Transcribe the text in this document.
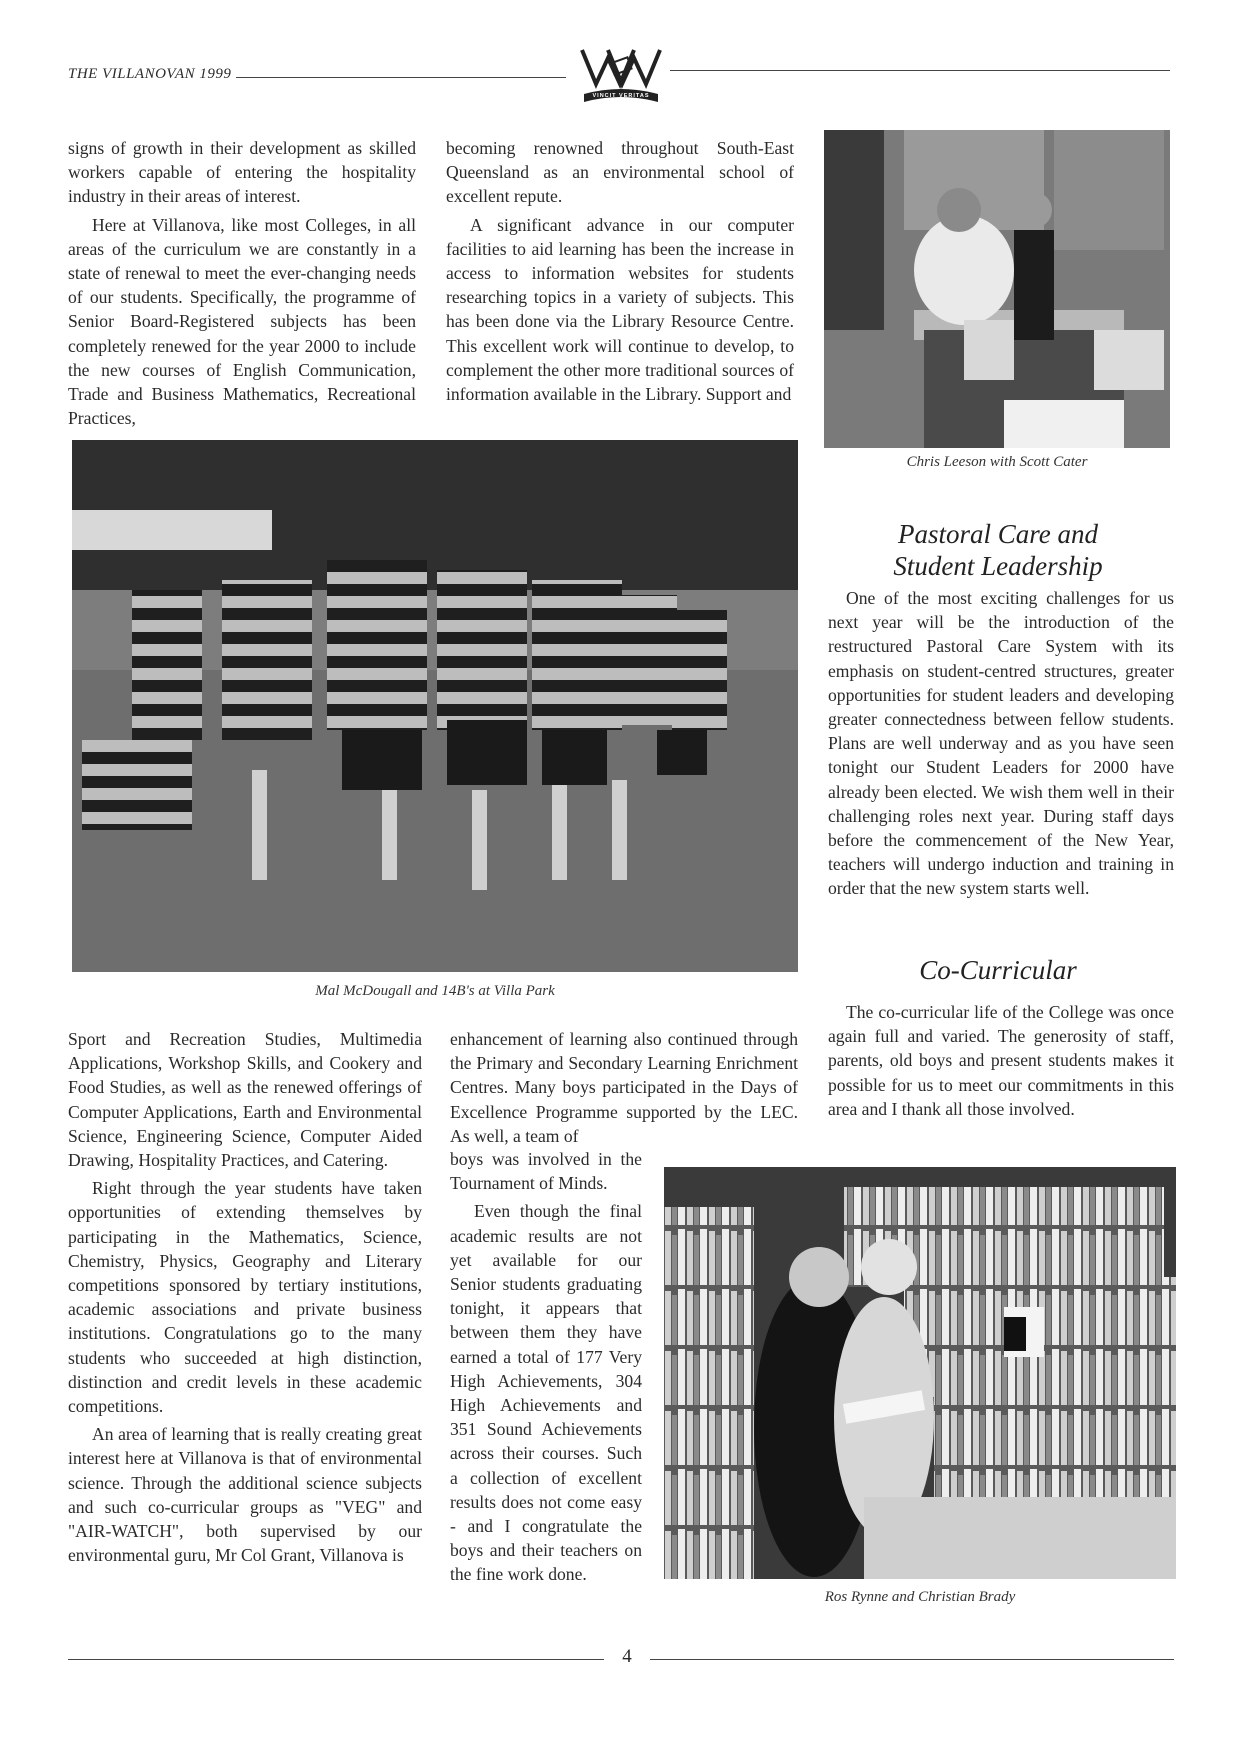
THE VILLANOVAN 1999
VINCIT VERITAS

signs of growth in their development as skilled workers capable of entering the hospitality industry in their areas of interest.

Here at Villanova, like most Colleges, in all areas of the curriculum we are constantly in a state of renewal to meet the ever-changing needs of our students. Specifically, the programme of Senior Board-Registered subjects has been completely renewed for the year 2000 to include the new courses of English Communication, Trade and Business Mathematics, Recreational Practices,

becoming renowned throughout South-East Queensland as an environmental school of excellent repute.

A significant advance in our computer facilities to aid learning has been the increase in access to information websites for students researching topics in a variety of subjects. This has been done via the Library Resource Centre. This excellent work will continue to develop, to complement the other more traditional sources of information available in the Library. Support and

Chris Leeson with Scott Cater
Mal McDougall and 14B's at Villa Park
Pastoral Care and
Student Leadership

One of the most exciting challenges for us next year will be the introduction of the restructured Pastoral Care System with its emphasis on student-centred structures, greater opportunities for student leaders and developing greater connectedness between fellow students. Plans are well underway and as you have seen tonight our Student Leaders for 2000 have already been elected. We wish them well in their challenging roles next year. During staff days before the commencement of the New Year, teachers will undergo induction and training in order that the new system starts well.

Co-Curricular

The co-curricular life of the College was once again full and varied. The generosity of staff, parents, old boys and present students makes it possible for us to meet our commitments in this area and I thank all those involved.

Sport and Recreation Studies, Multimedia Applications, Workshop Skills, and Cookery and Food Studies, as well as the renewed offerings of Computer Applications, Earth and Environmental Science, Engineering Science, Computer Aided Drawing, Hospitality Practices, and Catering.

Right through the year students have taken opportunities of extending themselves by participating in the Mathematics, Science, Chemistry, Physics, Geography and Literary competitions sponsored by tertiary institutions, academic associations and private business institutions. Congratulations go to the many students who succeeded at high distinction, distinction and credit levels in these academic competitions.

An area of learning that is really creating great interest here at Villanova is that of environmental science. Through the additional science subjects and such co-curricular groups as "VEG" and "AIR-WATCH", both supervised by our environmental guru, Mr Col Grant, Villanova is

enhancement of learning also continued through the Primary and Secondary Learning Enrichment Centres. Many boys participated in the Days of Excellence Programme supported by the LEC. As well, a team of

boys was involved in the Tournament of Minds.

Even though the final academic results are not yet available for our Senior students graduating tonight, it appears that between them they have earned a total of 177 Very High Achievements, 304 High Achievements and 351 Sound Achievements across their courses. Such a collection of excellent results does not come easy - and I congratulate the boys and their teachers on the fine work done.

Ros Rynne and Christian Brady
4
